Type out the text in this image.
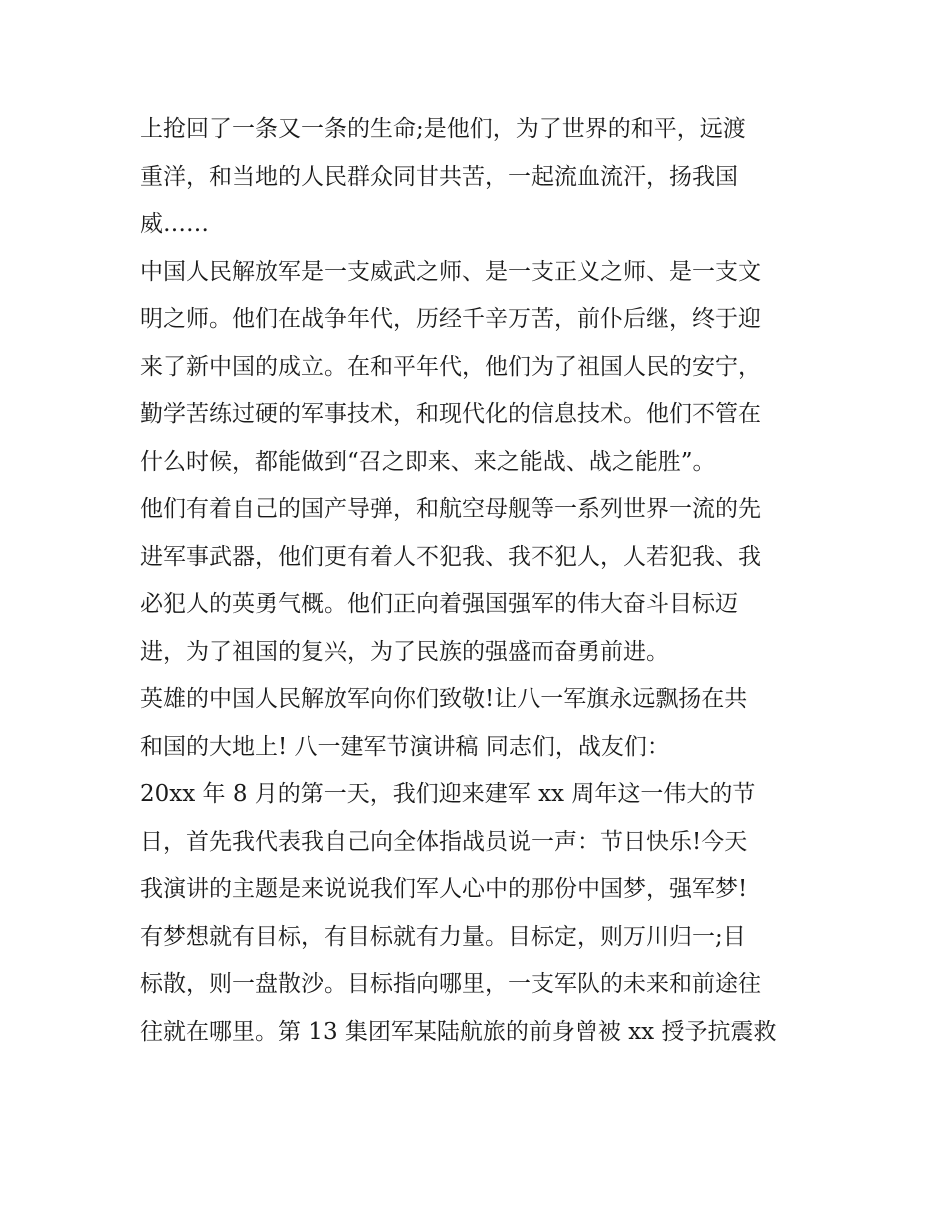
上抢回了一条又一条的生命;是他们，为了世界的和平，远渡
重洋，和当地的人民群众同甘共苦，一起流血流汗，扬我国
威……
中国人民解放军是一支威武之师、是一支正义之师、是一支文
明之师。他们在战争年代，历经千辛万苦，前仆后继，终于迎
来了新中国的成立。在和平年代，他们为了祖国人民的安宁，
勤学苦练过硬的军事技术，和现代化的信息技术。他们不管在
什么时候，都能做到“召之即来、来之能战、战之能胜”。
他们有着自己的国产导弹，和航空母舰等一系列世界一流的先
进军事武器，他们更有着人不犯我、我不犯人，人若犯我、我
必犯人的英勇气概。他们正向着强国强军的伟大奋斗目标迈
进，为了祖国的复兴，为了民族的强盛而奋勇前进。
英雄的中国人民解放军向你们致敬!让八一军旗永远飘扬在共
和国的大地上! 八一建军节演讲稿 同志们，战友们：
20xx 年 8 月的第一天，我们迎来建军 xx 周年这一伟大的节
日，首先我代表我自己向全体指战员说一声：节日快乐!今天
我演讲的主题是来说说我们军人心中的那份中国梦，强军梦!
有梦想就有目标，有目标就有力量。目标定，则万川归一;目
标散，则一盘散沙。目标指向哪里，一支军队的未来和前途往
往就在哪里。第 13 集团军某陆航旅的前身曾被 xx 授予抗震救
